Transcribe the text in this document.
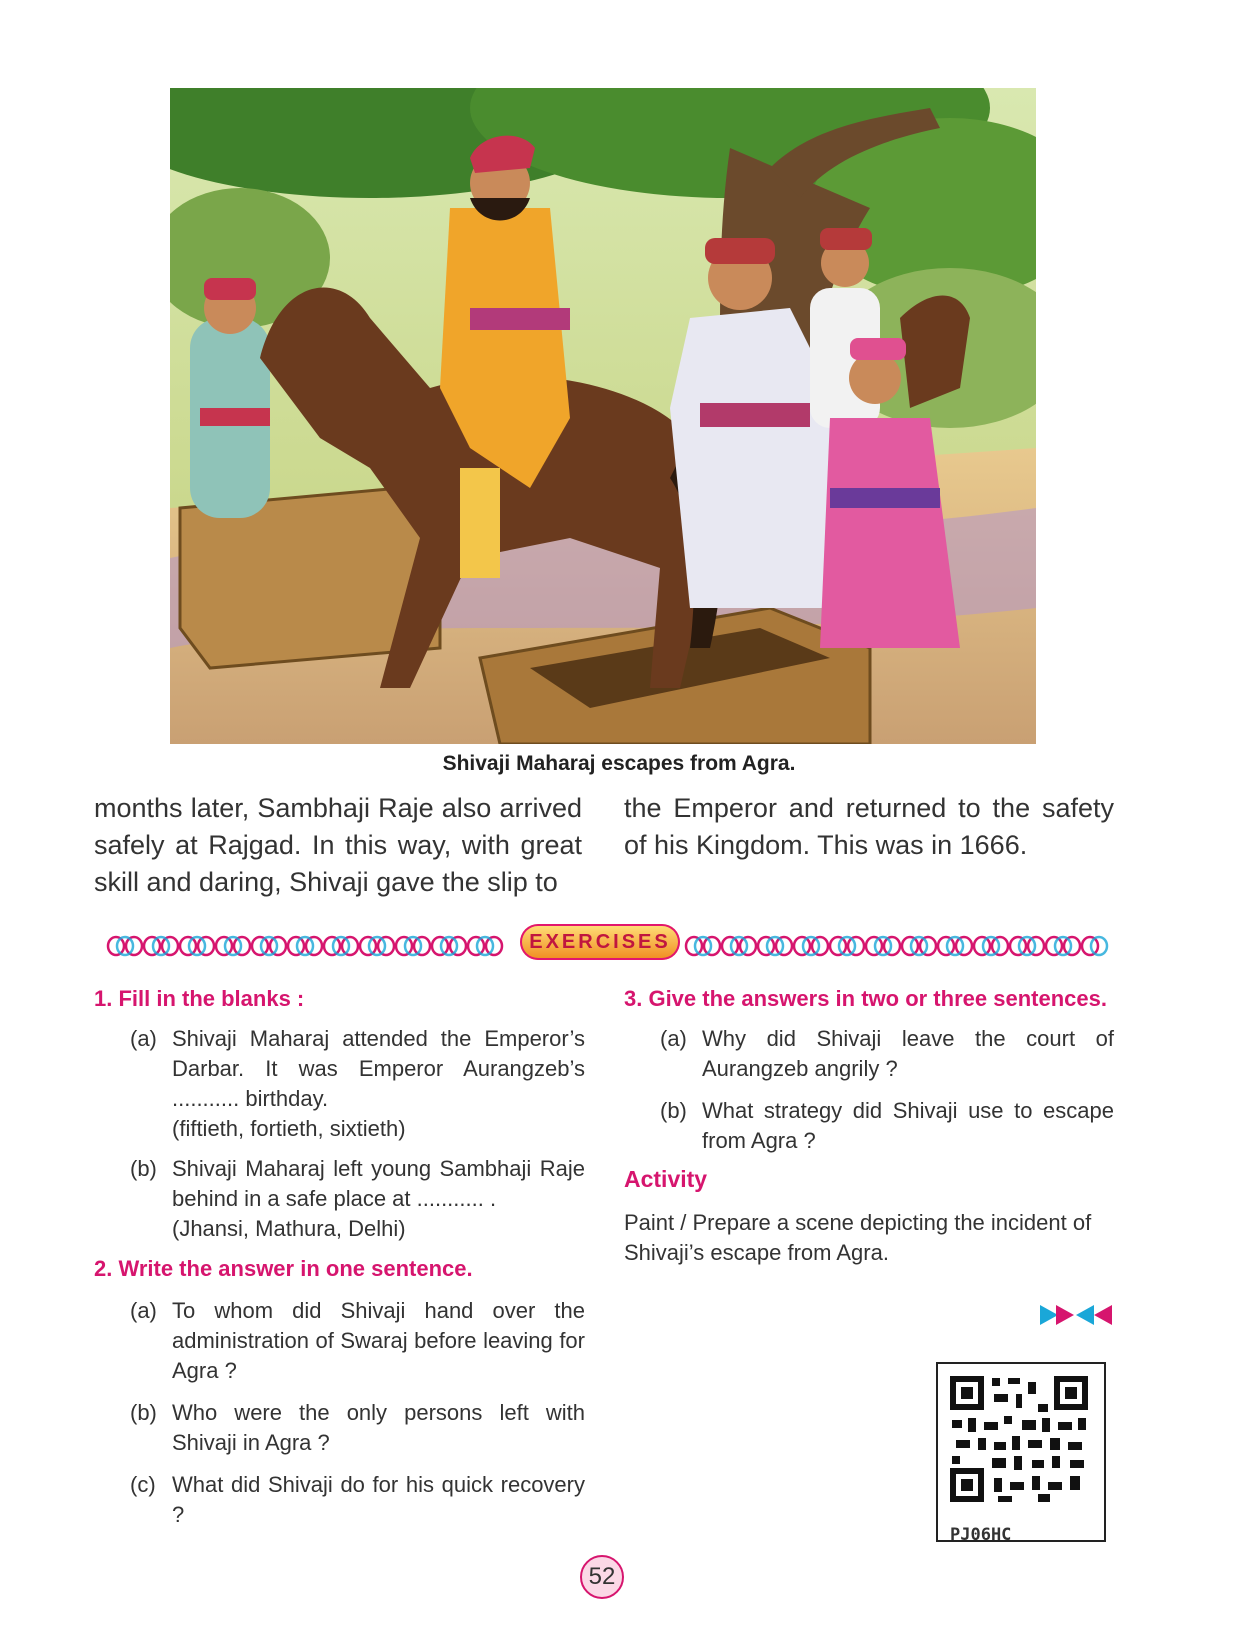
Shivaji Maharaj escapes from Agra.
months later, Sambhaji Raje also arrived safely at Rajgad. In this way, with great skill and daring, Shivaji gave the slip to
the Emperor and returned to the safety of his Kingdom. This was in 1666.
EXERCISES
1. Fill in the blanks :
(a) Shivaji Maharaj attended the Emperor’s Darbar. It was Emperor Aurangzeb’s ........... birthday.
(fiftieth, fortieth, sixtieth)
(b) Shivaji Maharaj left young Sambhaji Raje behind in a safe place at ........... .
(Jhansi, Mathura, Delhi)
2. Write the answer in one sentence.
(a) To whom did Shivaji hand over the administration of Swaraj before leaving for Agra ?
(b) Who were the only persons left with Shivaji in Agra ?
(c) What did Shivaji do for his quick recovery ?
3. Give the answers in two or three sentences.
(a) Why did Shivaji leave the court of Aurangzeb angrily ?
(b) What strategy did Shivaji use to escape from Agra ?
Activity
Paint / Prepare a scene depicting the incident of Shivaji’s escape from Agra.
PJ06HC
52
